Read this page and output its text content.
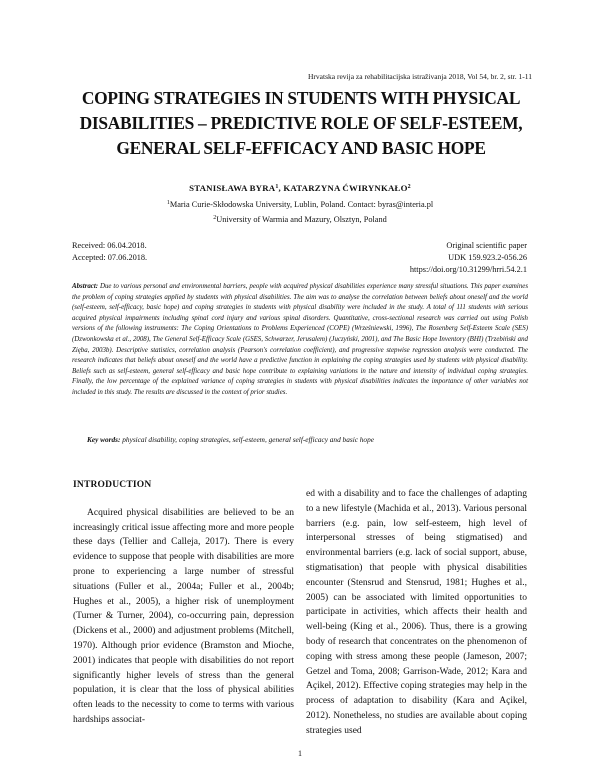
Hrvatska revija za rehabilitacijska istraživanja 2018, Vol 54, br. 2, str. 1-11
COPING STRATEGIES IN STUDENTS WITH PHYSICAL
DISABILITIES – PREDICTIVE ROLE OF SELF-ESTEEM,
GENERAL SELF-EFFICACY AND BASIC HOPE
STANISŁAWA BYRA$^1$, KATARZYNA ĆWIRYNKAŁO$^2$
$^1$Maria Curie-Skłodowska University, Lublin, Poland. Contact: byras@interia.pl
$^2$University of Warmia and Mazury, Olsztyn, Poland
Received: 06.04.2018.
Accepted: 07.06.2018.
Original scientific paper
UDK 159.923.2-056.26
https://doi.org/10.31299/hrri.54.2.1
Abstract: Due to various personal and environmental barriers, people with acquired physical disabilities experience many stressful situations. This paper examines the problem of coping strategies applied by students with physical disabilities. The aim was to analyse the correlation between beliefs about oneself and the world (self-esteem, self-efficacy, basic hope) and coping strategies in students with physical disability were included in the study. A total of 111 students with serious acquired physical impairments including spinal cord injury and various spinal disorders. Quantitative, cross-sectional research was carried out using Polish versions of the following instruments: The Coping Orientations to Problems Experienced (COPE) (Wrześniewski, 1996), The Rosenberg Self-Esteem Scale (SES) (Dzwonkowska et al., 2008), The General Self-Efficacy Scale (GSES, Schwarzer, Jerusalem) (Juczyński, 2001), and The Basic Hope Inventory (BHI) (Trzebiński and Zięba, 2003b). Descriptive statistics, correlation analysis (Pearson's correlation coefficient), and progressive stepwise regression analysis were conducted. The research indicates that beliefs about oneself and the world have a predictive function in explaining the coping strategies used by students with physical disability. Beliefs such as self-esteem, general self-efficacy and basic hope contribute to explaining variations in the nature and intensity of individual coping strategies. Finally, the low percentage of the explained variance of coping strategies in students with physical disabilities indicates the importance of other variables not included in this study. The results are discussed in the context of prior studies.
Key words: physical disability, coping strategies, self-esteem, general self-efficacy and basic hope

INTRODUCTION

Acquired physical disabilities are believed to be an increasingly critical issue affecting more and more people these days (Tellier and Calleja, 2017). There is every evidence to suppose that people with disabilities are more prone to experiencing a large number of stressful situations (Fuller et al., 2004a; Fuller et al., 2004b; Hughes et al., 2005), a higher risk of unemployment (Turner & Turner, 2004), co-occurring pain, depression (Dickens et al., 2000) and adjustment problems (Mitchell, 1970). Although prior evidence (Bramston and Mioche, 2001) indicates that people with disabilities do not report significantly higher levels of stress than the general population, it is clear that the loss of physical abilities often leads to the necessity to come to terms with various hardships associat-

ed with a disability and to face the challenges of adapting to a new lifestyle (Machida et al., 2013). Various personal barriers (e.g. pain, low self-esteem, high level of interpersonal stresses of being stigmatised) and environmental barriers (e.g. lack of social support, abuse, stigmatisation) that people with physical disabilities encounter (Stensrud and Stensrud, 1981; Hughes et al., 2005) can be associated with limited opportunities to participate in activities, which affects their health and well-being (King et al., 2006). Thus, there is a growing body of research that concentrates on the phenomenon of coping with stress among these people (Jameson, 2007; Getzel and Toma, 2008; Garrison-Wade, 2012; Kara and Açikel, 2012). Effective coping strategies may help in the process of adaptation to disability (Kara and Açikel, 2012). Nonetheless, no studies are available about coping strategies used

1
